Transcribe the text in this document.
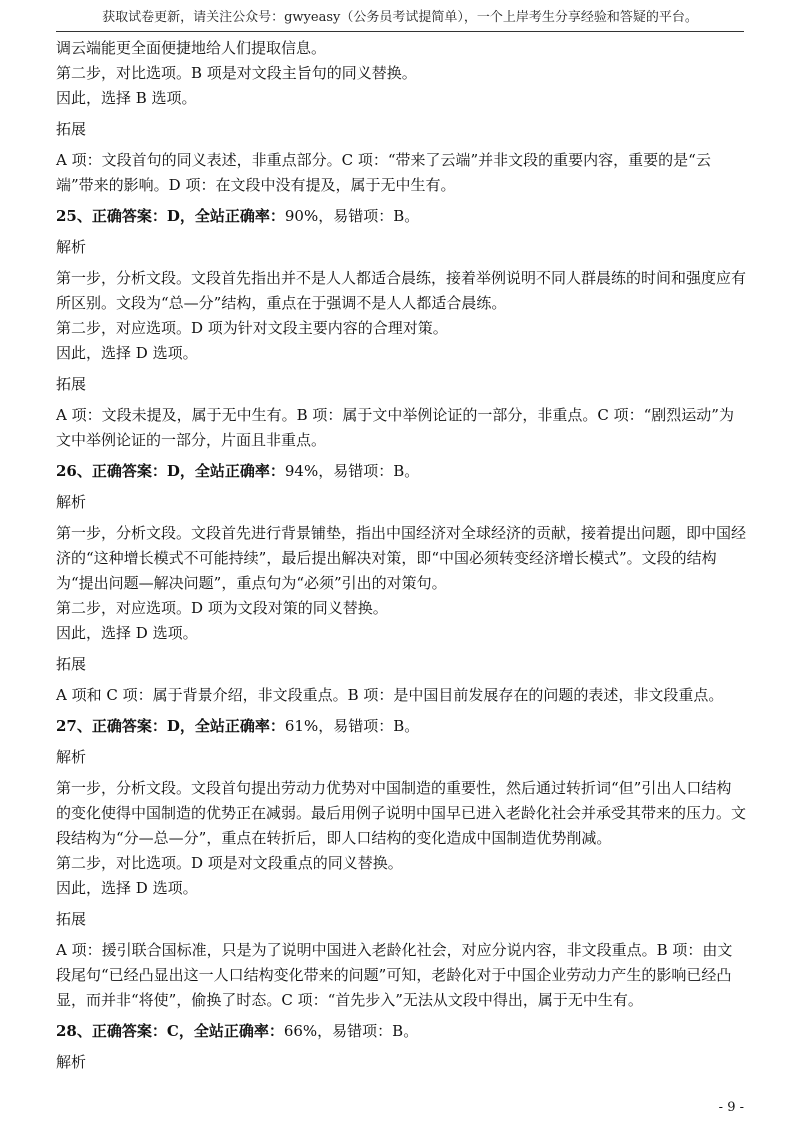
获取试卷更新，请关注公众号：gwyeasy（公务员考试提简单），一个上岸考生分享经验和答疑的平台。

调云端能更全面便捷地给人们提取信息。

第二步，对比选项。B 项是对文段主旨句的同义替换。

因此，选择 B 选项。

拓展

A 项：文段首句的同义表述，非重点部分。C 项：“带来了云端”并非文段的重要内容，重要的是“云端”带来的影响。D 项：在文段中没有提及，属于无中生有。

25、正确答案：D，全站正确率：90%，易错项：B。

解析

第一步，分析文段。文段首先指出并不是人人都适合晨练，接着举例说明不同人群晨练的时间和强度应有所区别。文段为“总—分”结构，重点在于强调不是人人都适合晨练。

第二步，对应选项。D 项为针对文段主要内容的合理对策。

因此，选择 D 选项。

拓展

A 项：文段未提及，属于无中生有。B 项：属于文中举例论证的一部分，非重点。C 项：“剧烈运动”为文中举例论证的一部分，片面且非重点。

26、正确答案：D，全站正确率：94%，易错项：B。

解析

第一步，分析文段。文段首先进行背景铺垫，指出中国经济对全球经济的贡献，接着提出问题，即中国经济的“这种增长模式不可能持续”，最后提出解决对策，即“中国必须转变经济增长模式”。文段的结构为“提出问题—解决问题”，重点句为“必须”引出的对策句。

第二步，对应选项。D 项为文段对策的同义替换。

因此，选择 D 选项。

拓展

A 项和 C 项：属于背景介绍，非文段重点。B 项：是中国目前发展存在的问题的表述，非文段重点。

27、正确答案：D，全站正确率：61%，易错项：B。

解析

第一步，分析文段。文段首句提出劳动力优势对中国制造的重要性，然后通过转折词“但”引出人口结构的变化使得中国制造的优势正在减弱。最后用例子说明中国早已进入老龄化社会并承受其带来的压力。文段结构为“分—总—分”，重点在转折后，即人口结构的变化造成中国制造优势削减。

第二步，对比选项。D 项是对文段重点的同义替换。

因此，选择 D 选项。

拓展

A 项：援引联合国标准，只是为了说明中国进入老龄化社会，对应分说内容，非文段重点。B 项：由文段尾句“已经凸显出这一人口结构变化带来的问题”可知，老龄化对于中国企业劳动力产生的影响已经凸显，而并非“将使”，偷换了时态。C 项：“首先步入”无法从文段中得出，属于无中生有。

28、正确答案：C，全站正确率：66%，易错项：B。

解析

- 9 -
